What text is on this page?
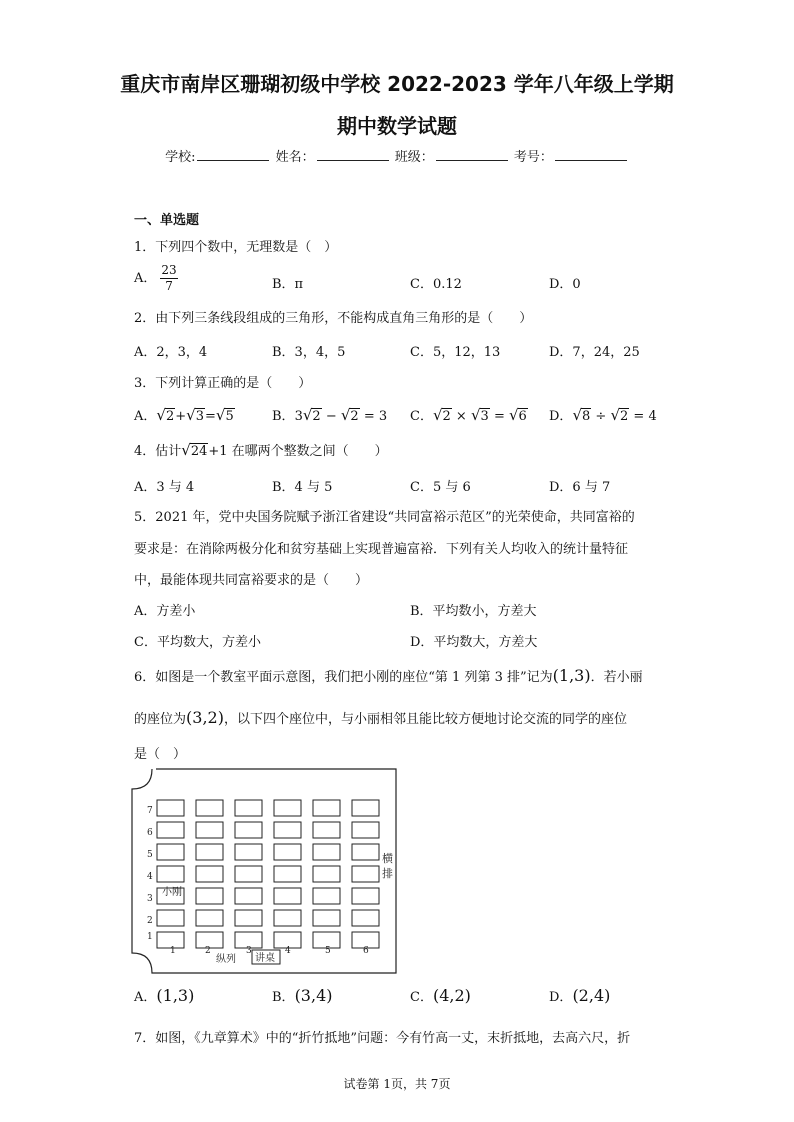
重庆市南岸区珊瑚初级中学校 2022-2023 学年八年级上学期
期中数学试题
学校:	姓名：	班级：	考号：
一、单选题
1．下列四个数中，无理数是（　）
A． $\frac{23}{7}$	B．π	C．0.12	D．0
2．由下列三条线段组成的三角形，不能构成直角三角形的是（　　）
A．2，3，4	B．3，4，5	C．5，12，13	D．7，24，25
3．下列计算正确的是（　　）
A．√2+√3=√5	B．3√2 − √2 = 3 C．√2 × √3 = √6 D．√8 ÷ √2 = 4
4．估计√24+1 在哪两个整数之间（　　）
A．3 与 4	B．4 与 5	C．5 与 6	D．6 与 7
5．2021 年，党中央国务院赋予浙江省建设“共同富裕示范区”的光荣使命，共同富裕的
要求是：在消除两极分化和贫穷基础上实现普遍富裕．下列有关人均收入的统计量特征
中，最能体现共同富裕要求的是（　　）
A．方差小	B．平均数小，方差大
C．平均数大，方差小	D．平均数大，方差大
6．如图是一个教室平面示意图，我们把小刚的座位“第 1 列第 3 排”记为(1,3)．若小丽
的座位为(3,2)，以下四个座位中，与小丽相邻且能比较方便地讨论交流的同学的座位
是（　）
7
6
5
4
3
2
1
1	2	3	4	5	6
小刚
横
排
纵列 讲桌
A．(1,3)	B．(3,4)	C．(4,2)	D．(2,4)
7．如图，《九章算术》中的“折竹抵地”问题：今有竹高一丈，末折抵地，去高六尺，折
试卷第 1页，共 7页
